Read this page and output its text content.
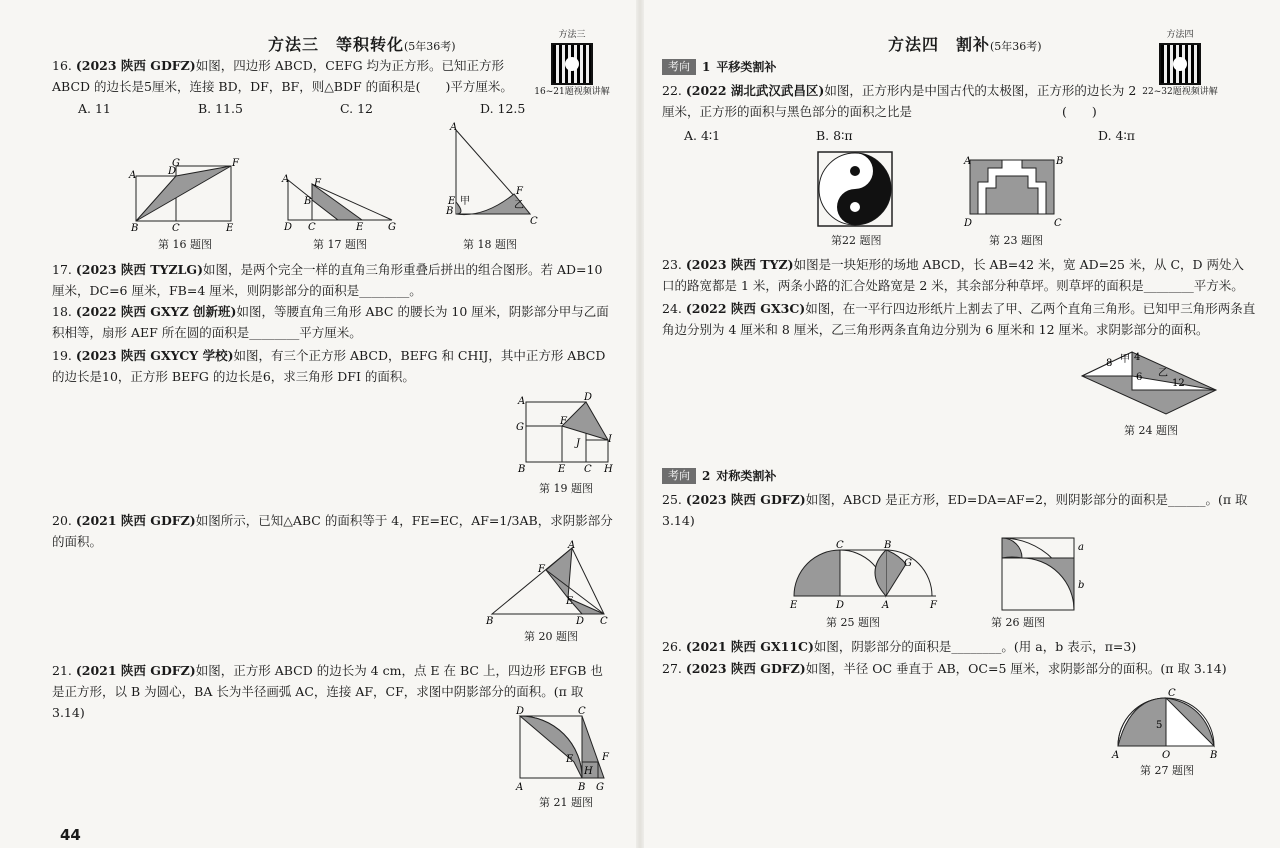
方法三　等积转化(5年36考)
方法三
16~21题视频讲解
16. (2023 陕西 GDFZ)如图，四边形 ABCD，CEFG 均为正方形。已知正方形 ABCD 的边长是5厘米，连接 BD，DF，BF，则△BDF 的面积是(　　)平方厘米。
A. 11	B. 11.5	C. 12	D. 12.5
A	D
G	F
B	C	E
第 16 题图
A F
B
D C	E G
第 17 题图
A
B
C
F
E 甲	乙
第 18 题图
17. (2023 陕西 TYZLG)如图，是两个完全一样的直角三角形重叠后拼出的组合图形。若 AD=10 厘米，DC=6 厘米，FB=4 厘米，则阴影部分的面积是________。
18. (2022 陕西 GXYZ 创新班)如图，等腰直角三角形 ABC 的腰长为 10 厘米，阴影部分甲与乙面积相等，扇形 AEF 所在圆的面积是________平方厘米。
19. (2023 陕西 GXYCY 学校)如图，有三个正方形 ABCD，BEFG 和 CHIJ，其中正方形 ABCD 的边长是10，正方形 BEFG 的边长是6，求三角形 DFI 的面积。
A	D
G
F
J	I
B	E C H
第 19 题图
20. (2021 陕西 GDFZ)如图所示，已知△ABC 的面积等于 4，FE=EC，AF=1/3AB，求阴影部分的面积。	A
F
E
B	D C
第 20 题图
21. (2021 陕西 GDFZ)如图，正方形 ABCD 的边长为 4 cm，点 E 在 BC 上，四边形 EFGB 也是正方形，以 B 为圆心，BA 长为半径画弧 AC，连接 AF，CF，求图中阴影部分的面积。(π 取 3.14)	D	C
E	F
H
A	B G
第 21 题图
44
方法四　割补(5年36考)
方法四
22~32题视频讲解
考向	1 平移类割补
22. (2022 湖北武汉武昌区)如图，正方形内是中国古代的太极图，正方形的边长为 2 厘米，正方形的面积与黑色部分的面积之比是　　　　　　　　　　　　(　　)
A. 4∶1	B. 8∶π	D. 4∶π
第22 题图
A	B
D	C
第 23 题图
23. (2023 陕西 TYZ)如图是一块矩形的场地 ABCD，长 AB=42 米，宽 AD=25 米，从 C，D 两处入口的路宽都是 1 米，两条小路的汇合处路宽是 2 米，其余部分种草坪。则草坪的面积是________平方米。
24. (2022 陕西 GX3C)如图，在一平行四边形纸片上割去了甲、乙两个直角三角形。已知甲三角形两条直角边分别为 4 厘米和 8 厘米，乙三角形两条直角边分别为 6 厘米和 12 厘米。求阴影部分的面积。
8 甲 4
6 乙
12
第 24 题图
考向	2 对称类割补
25. (2023 陕西 GDFZ)如图，ABCD 是正方形，ED=DA=AF=2，则阴影部分的面积是______。(π 取 3.14)
E	D	A	F
C	B
G
第 25 题图
a
b
第 26 题图
26. (2021 陕西 GX11C)如图，阴影部分的面积是________。(用 a，b 表示，π=3)
27. (2023 陕西 GDFZ)如图，半径 OC 垂直于 AB，OC=5 厘米，求阴影部分的面积。(π 取 3.14)
A	O	B
C
5
第 27 题图
